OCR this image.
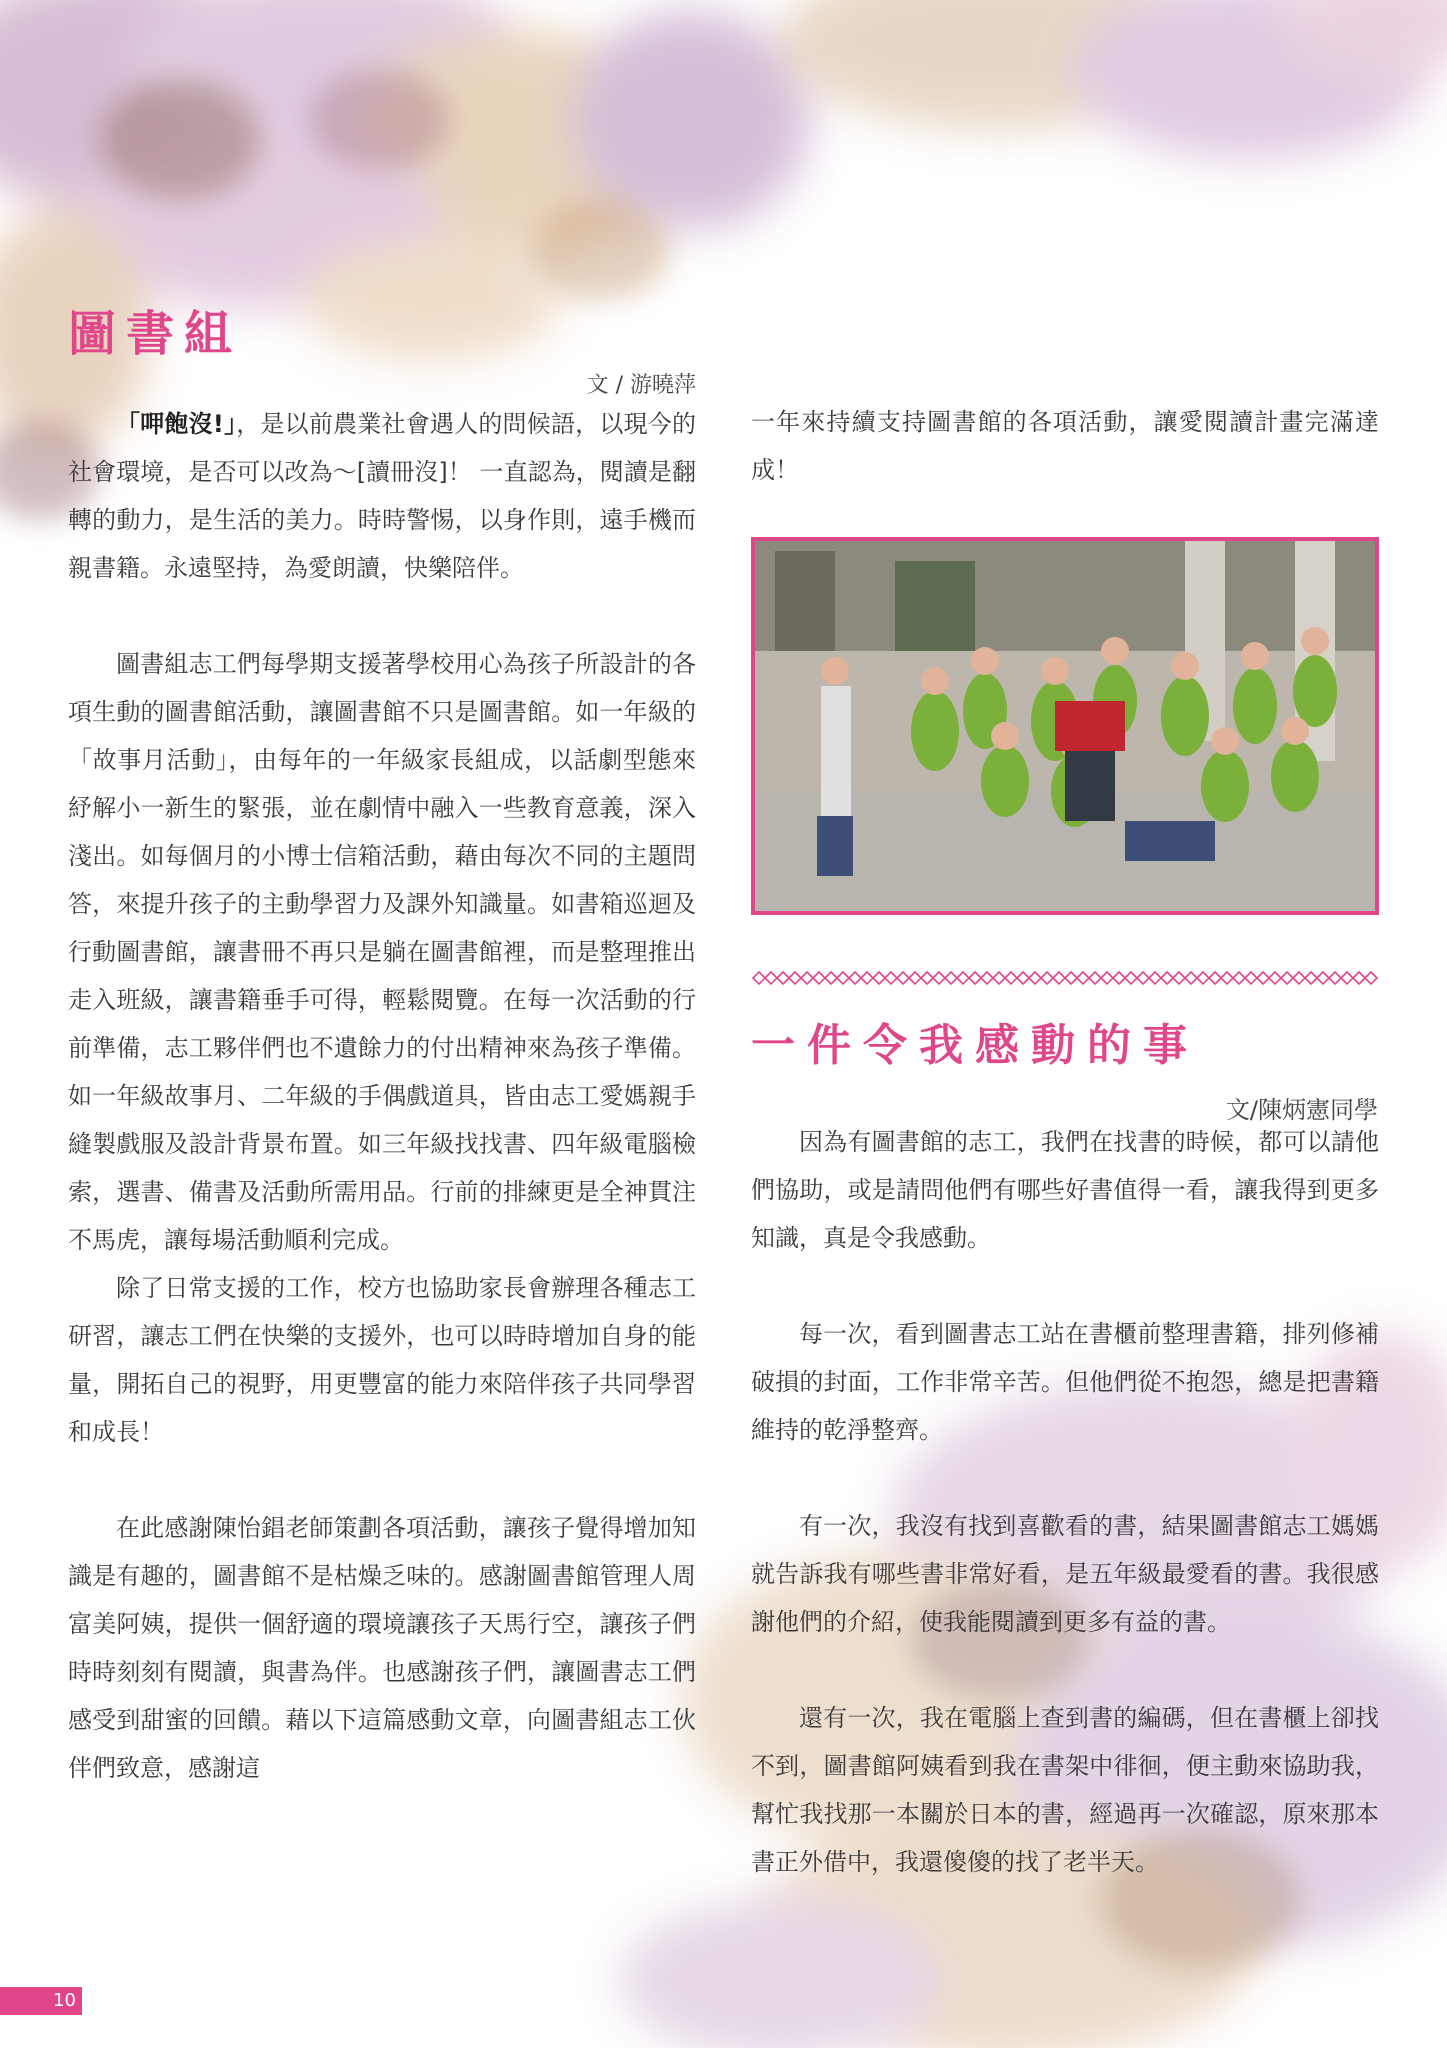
圖書組
文 / 游曉萍

「呷飽沒!」，是以前農業社會遇人的問候語，以現今的社會環境，是否可以改為～[讀冊沒]！ 一直認為，閱讀是翻轉的動力，是生活的美力。時時警惕，以身作則，遠手機而親書籍。永遠堅持，為愛朗讀，快樂陪伴。

圖書組志工們每學期支援著學校用心為孩子所設計的各項生動的圖書館活動，讓圖書館不只是圖書館。如一年級的「故事月活動」，由每年的一年級家長組成，以話劇型態來紓解小一新生的緊張，並在劇情中融入一些教育意義，深入淺出。如每個月的小博士信箱活動，藉由每次不同的主題問答，來提升孩子的主動學習力及課外知識量。如書箱巡迴及行動圖書館，讓書冊不再只是躺在圖書館裡，而是整理推出走入班級，讓書籍垂手可得，輕鬆閱覽。在每一次活動的行前準備，志工夥伴們也不遺餘力的付出精神來為孩子準備。如一年級故事月、二年級的手偶戲道具，皆由志工愛媽親手縫製戲服及設計背景布置。如三年級找找書、四年級電腦檢索，選書、備書及活動所需用品。行前的排練更是全神貫注不馬虎，讓每場活動順利完成。

除了日常支援的工作，校方也協助家長會辦理各種志工研習，讓志工們在快樂的支援外，也可以時時增加自身的能量，開拓自己的視野，用更豐富的能力來陪伴孩子共同學習和成長！

在此感謝陳怡錩老師策劃各項活動，讓孩子覺得增加知識是有趣的，圖書館不是枯燥乏味的。感謝圖書館管理人周富美阿姨，提供一個舒適的環境讓孩子天馬行空，讓孩子們時時刻刻有閱讀，與書為伴。也感謝孩子們，讓圖書志工們感受到甜蜜的回饋。藉以下這篇感動文章，向圖書組志工伙伴們致意，感謝這

一年來持續支持圖書館的各項活動，讓愛閱讀計畫完滿達成！

一件令我感動的事
文/陳炳憲同學

因為有圖書館的志工，我們在找書的時候，都可以請他們協助，或是請問他們有哪些好書值得一看，讓我得到更多知識，真是令我感動。

每一次，看到圖書志工站在書櫃前整理書籍，排列修補破損的封面，工作非常辛苦。但他們從不抱怨，總是把書籍維持的乾淨整齊。

有一次，我沒有找到喜歡看的書，結果圖書館志工媽媽就告訴我有哪些書非常好看，是五年級最愛看的書。我很感謝他們的介紹，使我能閱讀到更多有益的書。

還有一次，我在電腦上查到書的編碼，但在書櫃上卻找不到，圖書館阿姨看到我在書架中徘徊，便主動來協助我，幫忙我找那一本關於日本的書，經過再一次確認，原來那本書正外借中，我還傻傻的找了老半天。

10
